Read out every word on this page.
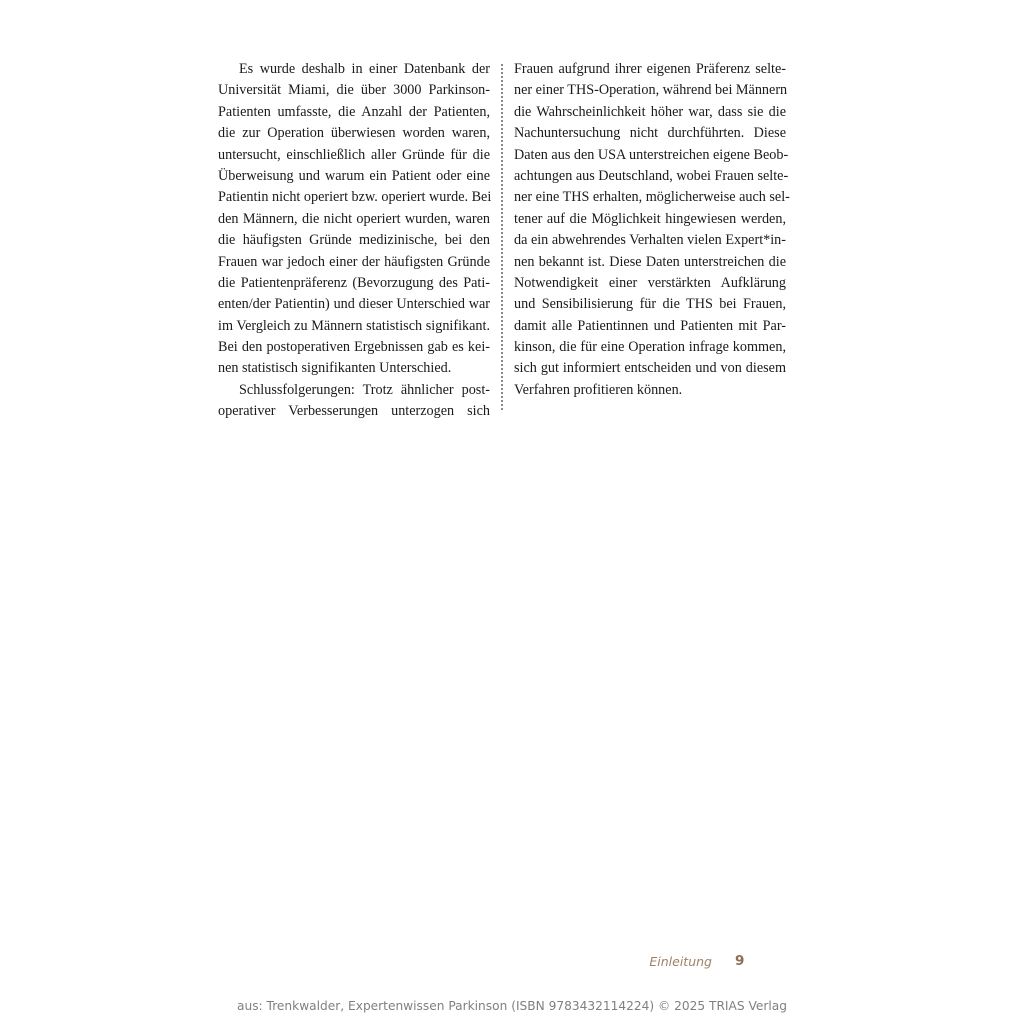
Es wurde deshalb in einer Datenbank der
Universität Miami, die über 3000 Parkinson-
Patienten umfasste, die Anzahl der Patienten,
die zur Operation überwiesen worden waren,
untersucht, einschließlich aller Gründe für die
Überweisung und warum ein Patient oder eine
Patientin nicht operiert bzw. operiert wurde. Bei
den Männern, die nicht operiert wurden, waren
die häufigsten Gründe medizinische, bei den
Frauen war jedoch einer der häufigsten Gründe
die Patientenpräferenz (Bevorzugung des Pati-
enten/der Patientin) und dieser Unterschied war
im Vergleich zu Männern statistisch signifikant.
Bei den postoperativen Ergebnissen gab es kei-
nen statistisch signifikanten Unterschied.
Schlussfolgerungen: Trotz ähnlicher post-
operativer Verbesserungen unterzogen sich
Frauen aufgrund ihrer eigenen Präferenz selte-
ner einer THS-Operation, während bei Männern
die Wahrscheinlichkeit höher war, dass sie die
Nachuntersuchung nicht durchführten. Diese
Daten aus den USA unterstreichen eigene Beob-
achtungen aus Deutschland, wobei Frauen selte-
ner eine THS erhalten, möglicherweise auch sel-
tener auf die Möglichkeit hingewiesen werden,
da ein abwehrendes Verhalten vielen Expert*in-
nen bekannt ist. Diese Daten unterstreichen die
Notwendigkeit einer verstärkten Aufklärung
und Sensibilisierung für die THS bei Frauen,
damit alle Patientinnen und Patienten mit Par-
kinson, die für eine Operation infrage kommen,
sich gut informiert entscheiden und von diesem
Verfahren profitieren können.
Einleitung 9
aus: Trenkwalder, Expertenwissen Parkinson (ISBN 9783432114224) © 2025 TRIAS Verlag
